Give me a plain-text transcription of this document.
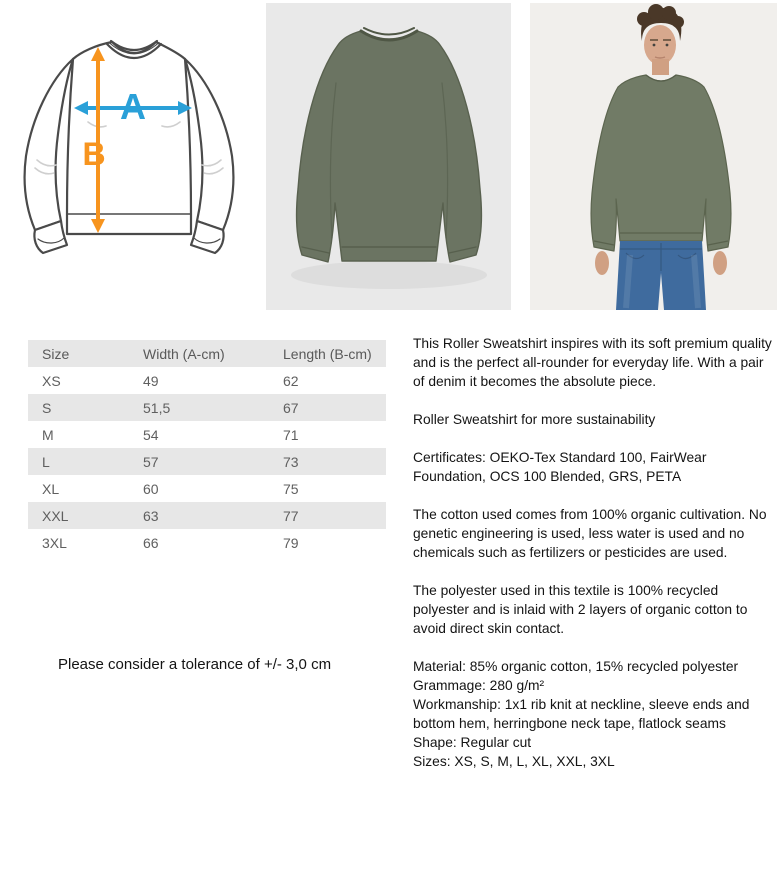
A
B
Size	Width (A-cm)	Length (B-cm)
XS	49	62
S	51,5	67
M	54	71
L	57	73
XL	60	75
XXL	63	77
3XL	66	79

Please consider a tolerance of +/- 3,0 cm

This Roller Sweatshirt inspires with its soft premium quality and is the perfect all-rounder for everyday life. With a pair of denim it becomes the absolute piece.

Roller Sweatshirt for more sustainability

Certificates: OEKO-Tex Standard 100, FairWear Foundation, OCS 100 Blended, GRS, PETA

The cotton used comes from 100% organic cultivation. No genetic engineering is used, less water is used and no chemicals such as fertilizers or pesticides are used.

The polyester used in this textile is 100% recycled polyester and is inlaid with 2 layers of organic cotton to avoid direct skin contact.

Material: 85% organic cotton, 15% recycled polyester
Grammage: 280 g/m²
Workmanship: 1x1 rib knit at neckline, sleeve ends and bottom hem, herringbone neck tape, flatlock seams
Shape: Regular cut
Sizes: XS, S, M, L, XL, XXL, 3XL
